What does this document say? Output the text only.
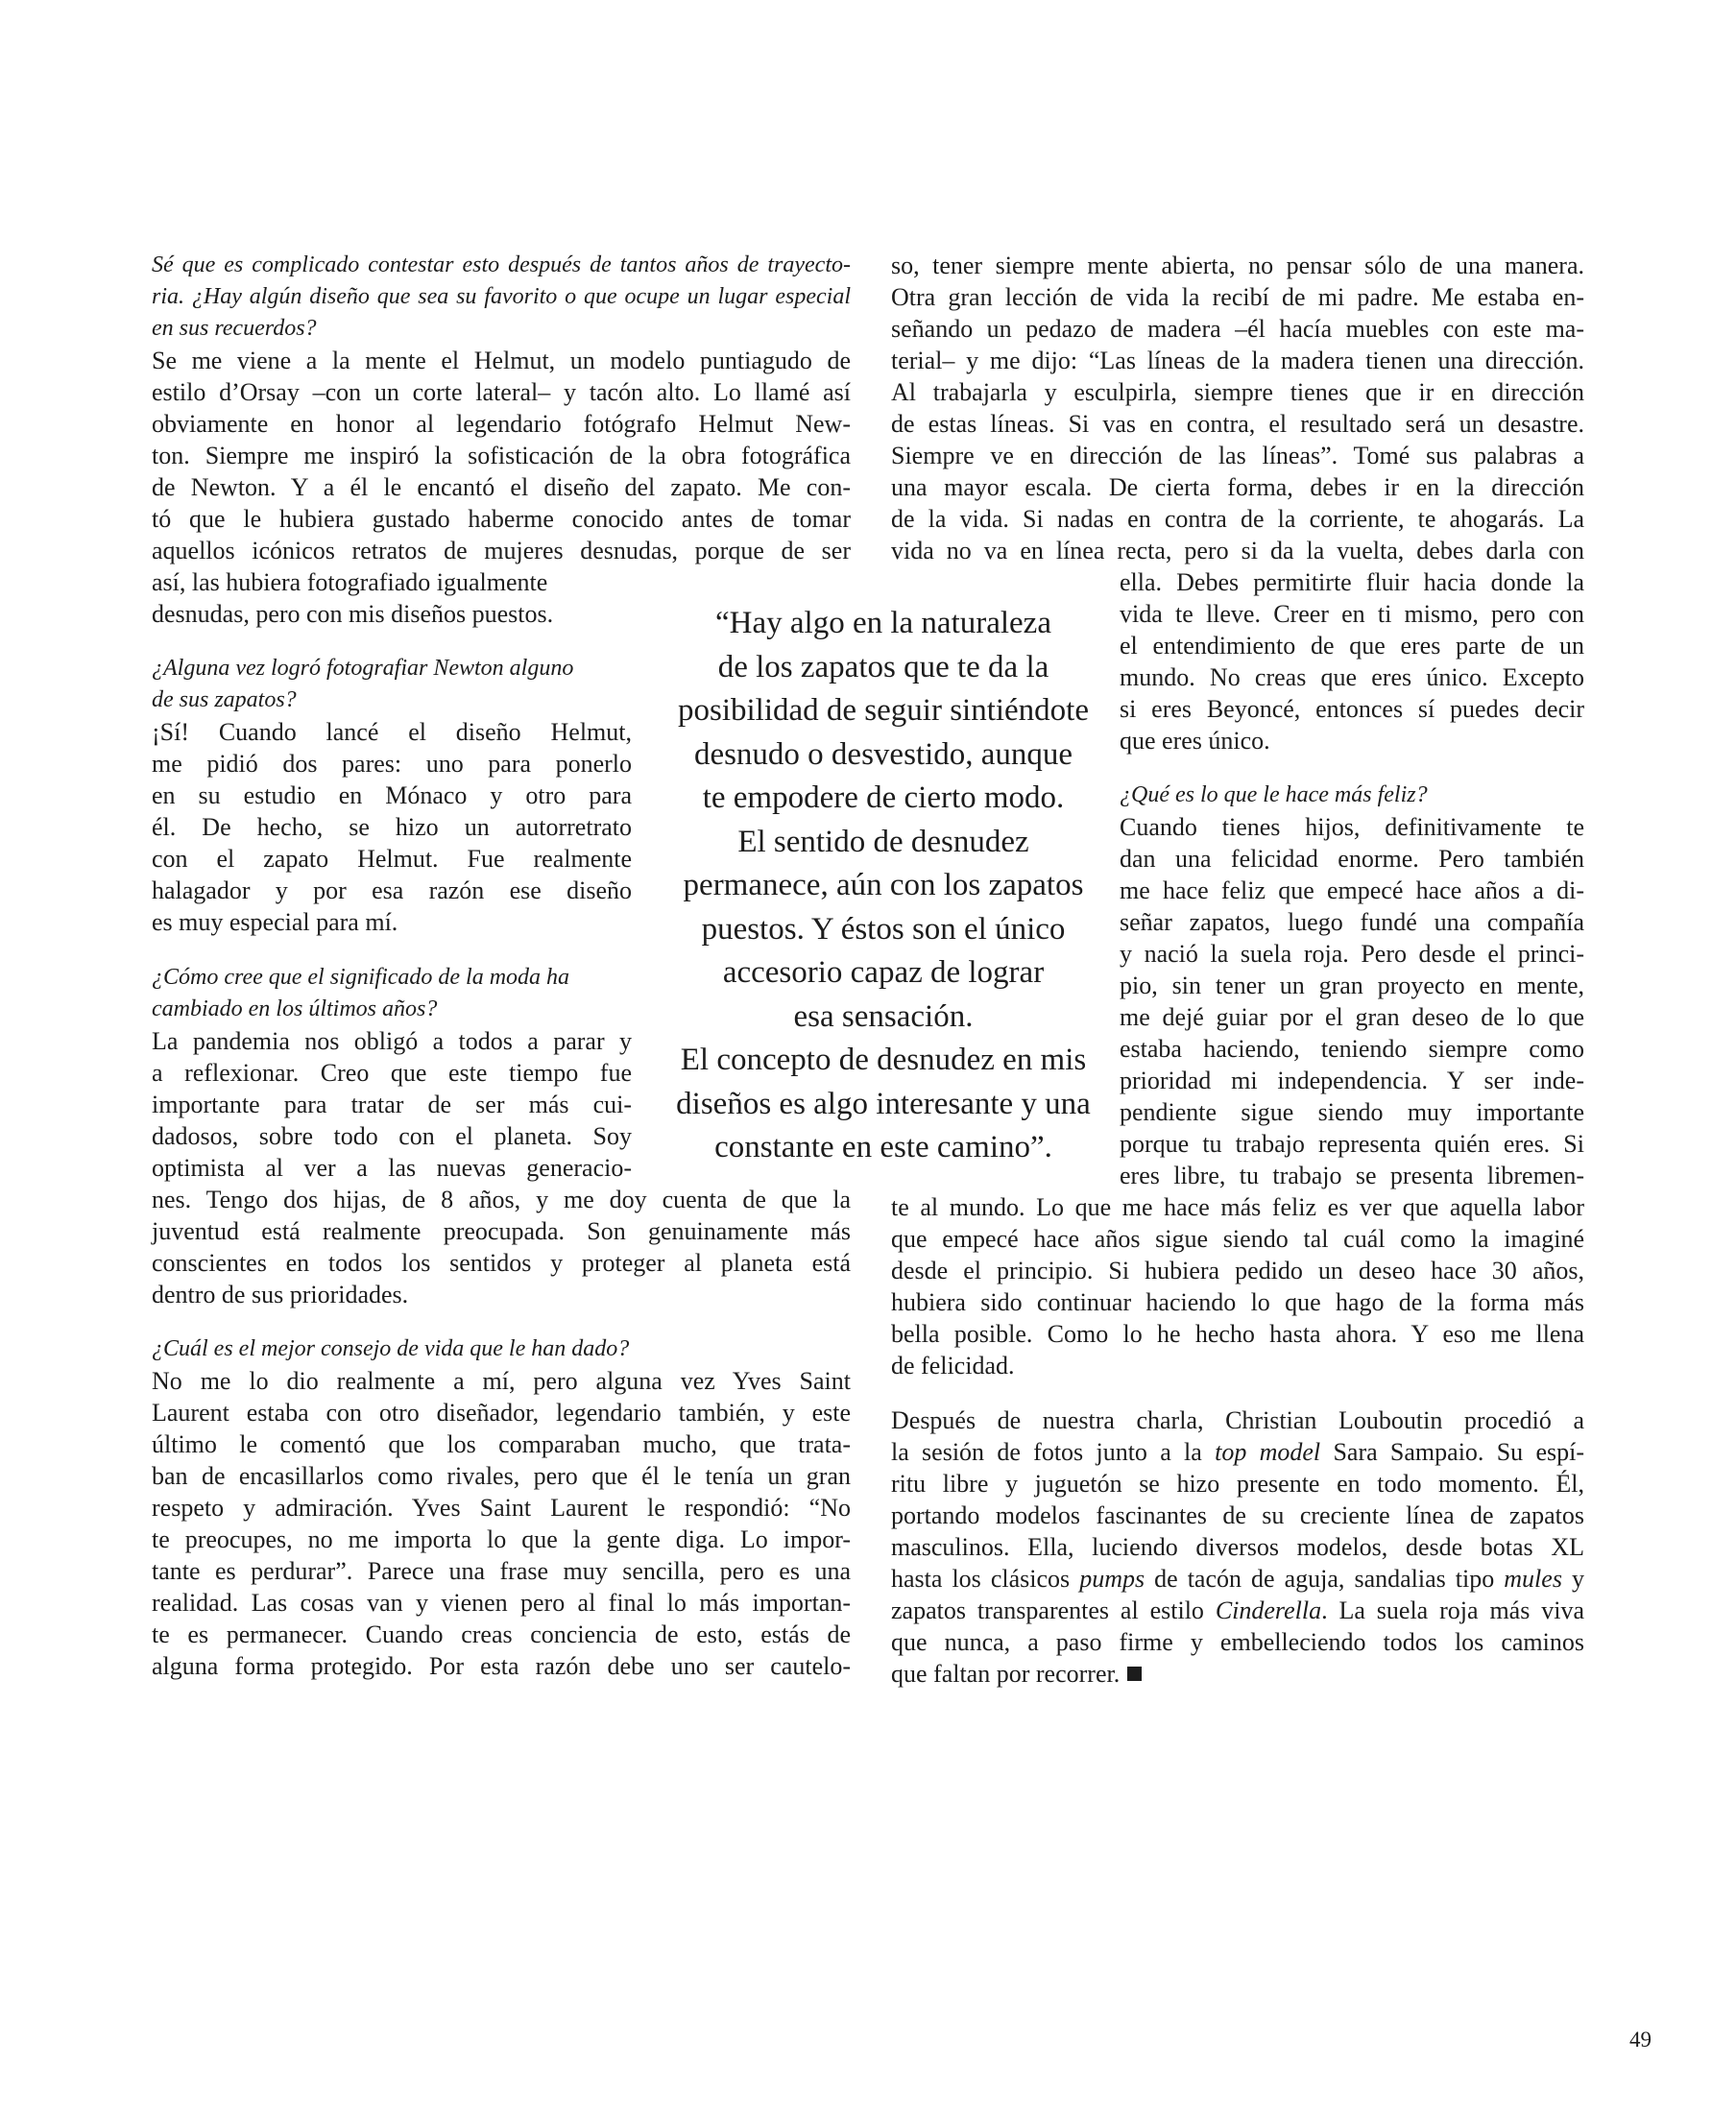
Sé que es complicado contestar esto después de tantos años de trayecto-
ria. ¿Hay algún diseño que sea su favorito o que ocupe un lugar especial
en sus recuerdos?
Se me viene a la mente el Helmut, un modelo puntiagudo de
estilo d’Orsay –con un corte lateral– y tacón alto. Lo llamé así
obviamente en honor al legendario fotógrafo Helmut New-
ton. Siempre me inspiró la sofisticación de la obra fotográfica
de Newton. Y a él le encantó el diseño del zapato. Me con-
tó que le hubiera gustado haberme conocido antes de tomar
aquellos icónicos retratos de mujeres desnudas, porque de ser
así, las hubiera fotografiado igualmente
desnudas, pero con mis diseños puestos.
¿Alguna vez logró fotografiar Newton alguno
de sus zapatos?
¡Sí! Cuando lancé el diseño Helmut,
me pidió dos pares: uno para ponerlo
en su estudio en Mónaco y otro para
él. De hecho, se hizo un autorretrato
con el zapato Helmut. Fue realmente
halagador y por esa razón ese diseño
es muy especial para mí.
¿Cómo cree que el significado de la moda ha
cambiado en los últimos años?
La pandemia nos obligó a todos a parar y
a reflexionar. Creo que este tiempo fue
importante para tratar de ser más cui-
dadosos, sobre todo con el planeta. Soy
optimista al ver a las nuevas generacio-
nes. Tengo dos hijas, de 8 años, y me doy cuenta de que la
juventud está realmente preocupada. Son genuinamente más
conscientes en todos los sentidos y proteger al planeta está
dentro de sus prioridades.
¿Cuál es el mejor consejo de vida que le han dado?
No me lo dio realmente a mí, pero alguna vez Yves Saint
Laurent estaba con otro diseñador, legendario también, y este
último le comentó que los comparaban mucho, que trata-
ban de encasillarlos como rivales, pero que él le tenía un gran
respeto y admiración. Yves Saint Laurent le respondió: “No
te preocupes, no me importa lo que la gente diga. Lo impor-
tante es perdurar”. Parece una frase muy sencilla, pero es una
realidad. Las cosas van y vienen pero al final lo más importan-
te es permanecer. Cuando creas conciencia de esto, estás de
alguna forma protegido. Por esta razón debe uno ser cautelo-
so, tener siempre mente abierta, no pensar sólo de una manera.
Otra gran lección de vida la recibí de mi padre. Me estaba en-
señando un pedazo de madera –él hacía muebles con este ma-
terial– y me dijo: “Las líneas de la madera tienen una dirección.
Al trabajarla y esculpirla, siempre tienes que ir en dirección
de estas líneas. Si vas en contra, el resultado será un desastre.
Siempre ve en dirección de las líneas”. Tomé sus palabras a
una mayor escala. De cierta forma, debes ir en la dirección
de la vida. Si nadas en contra de la corriente, te ahogarás. La
vida no va en línea recta, pero si da la vuelta, debes darla con
ella. Debes permitirte fluir hacia donde la
vida te lleve. Creer en ti mismo, pero con
el entendimiento de que eres parte de un
mundo. No creas que eres único. Excepto
si eres Beyoncé, entonces sí puedes decir
que eres único.
¿Qué es lo que le hace más feliz?
Cuando tienes hijos, definitivamente te
dan una felicidad enorme. Pero también
me hace feliz que empecé hace años a di-
señar zapatos, luego fundé una compañía
y nació la suela roja. Pero desde el princi-
pio, sin tener un gran proyecto en mente,
me dejé guiar por el gran deseo de lo que
estaba haciendo, teniendo siempre como
prioridad mi independencia. Y ser inde-
pendiente sigue siendo muy importante
porque tu trabajo representa quién eres. Si
eres libre, tu trabajo se presenta libremen-
te al mundo. Lo que me hace más feliz es ver que aquella labor
que empecé hace años sigue siendo tal cuál como la imaginé
desde el principio. Si hubiera pedido un deseo hace 30 años,
hubiera sido continuar haciendo lo que hago de la forma más
bella posible. Como lo he hecho hasta ahora. Y eso me llena
de felicidad.
Después de nuestra charla, Christian Louboutin procedió a
la sesión de fotos junto a la top model Sara Sampaio. Su espí-
ritu libre y juguetón se hizo presente en todo momento. Él,
portando modelos fascinantes de su creciente línea de zapatos
masculinos. Ella, luciendo diversos modelos, desde botas XL
hasta los clásicos pumps de tacón de aguja, sandalias tipo mules y
zapatos transparentes al estilo Cinderella. La suela roja más viva
que nunca, a paso firme y embelleciendo todos los caminos
que faltan por recorrer.
“Hay algo en la naturaleza
de los zapatos que te da la
posibilidad de seguir sintiéndote
desnudo o desvestido, aunque
te empodere de cierto modo.
El sentido de desnudez
permanece, aún con los zapatos
puestos. Y éstos son el único
accesorio capaz de lograr
esa sensación.
El concepto de desnudez en mis
diseños es algo interesante y una
constante en este camino”.
49
